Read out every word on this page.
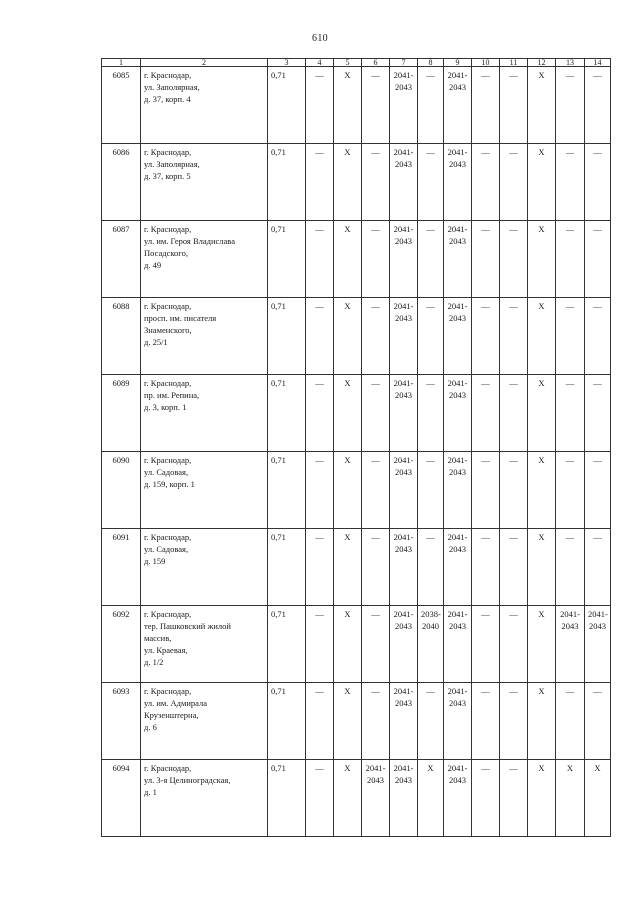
610
1	2	3	4	5	6	7	8	9	10	11	12	13	14
6085	г. Краснодар,
ул. Заполярная,
д. 37, корп. 4	0,71	—	Х	—	2041-
2043	—	2041-
2043	—	—	Х	—	—

6086	г. Краснодар,
ул. Заполярная,
д. 37, корп. 5	0,71	—	Х	—	2041-
2043	—	2041-
2043	—	—	Х	—	—

6087	г. Краснодар,
ул. им. Героя Владислава
Посадского,
д. 49	0,71	—	Х	—	2041-
2043	—	2041-
2043	—	—	Х	—	—

6088	г. Краснодар,
просп. им. писателя
Знаменского,
д. 25/1	0,71	—	Х	—	2041-
2043	—	2041-
2043	—	—	Х	—	—

6089	г. Краснодар,
пр. им. Репина,
д. 3, корп. 1	0,71	—	Х	—	2041-
2043	—	2041-
2043	—	—	Х	—	—

6090	г. Краснодар,
ул. Садовая,
д. 159, корп. 1	0,71	—	Х	—	2041-
2043	—	2041-
2043	—	—	Х	—	—

6091	г. Краснодар,
ул. Садовая,
д. 159	0,71	—	Х	—	2041-
2043	—	2041-
2043	—	—	Х	—	—

6092	г. Краснодар,
тер. Пашковский жилой
массив,
ул. Краевая,
д. 1/2	0,71	—	Х	—	2041-
2043	2038-
2040	2041-
2043	—	—	Х	2041-
2043	2041-
2043

6093	г. Краснодар,
ул. им. Адмирала
Крузенштерна,
д. 6	0,71	—	Х	—	2041-
2043	—	2041-
2043	—	—	Х	—	—

6094	г. Краснодар,
ул. 3-я Целиноградская,
д. 1	0,71	—	Х	2041-
2043	2041-
2043	Х	2041-
2043	—	—	Х	Х	Х
